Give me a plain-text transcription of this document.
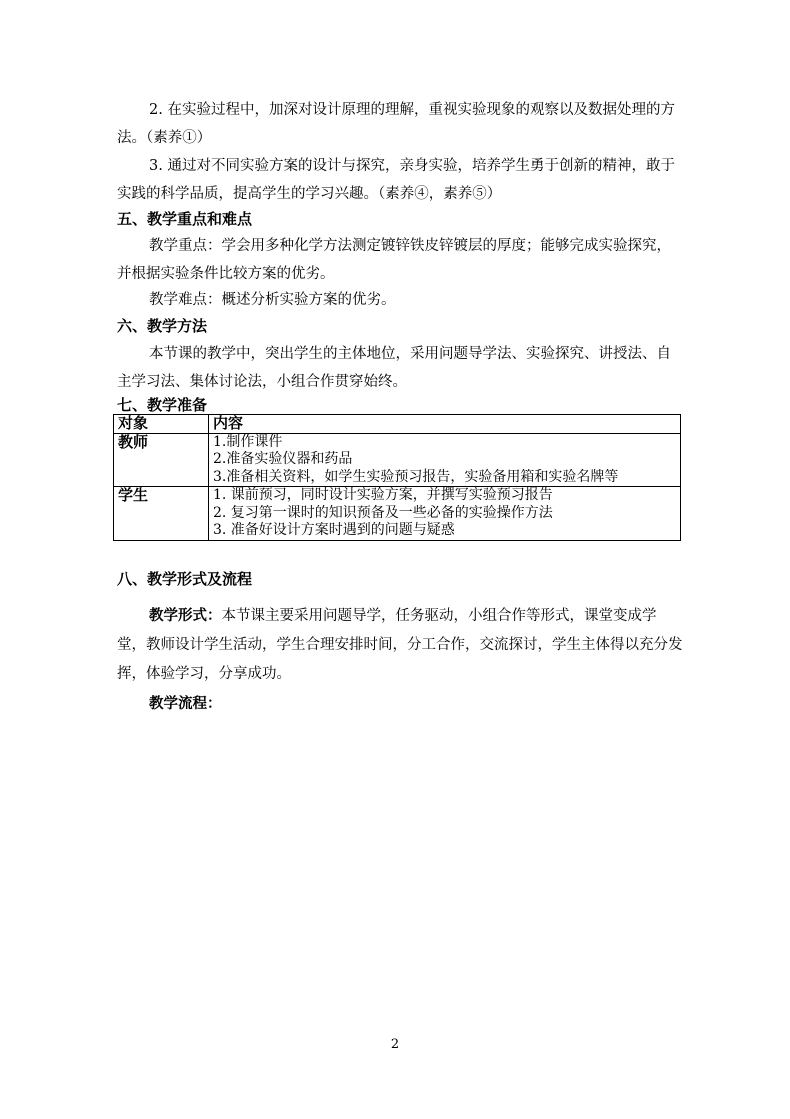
2. 在实验过程中，加深对设计原理的理解，重视实验现象的观察以及数据处理的方法。（素养①）

3. 通过对不同实验方案的设计与探究，亲身实验，培养学生勇于创新的精神，敢于实践的科学品质，提高学生的学习兴趣。（素养④，素养⑤）

五、教学重点和难点

教学重点：学会用多种化学方法测定镀锌铁皮锌镀层的厚度；能够完成实验探究，并根据实验条件比较方案的优劣。

教学难点：概述分析实验方案的优劣。

六、教学方法

本节课的教学中，突出学生的主体地位，采用问题导学法、实验探究、讲授法、自主学习法、集体讨论法，小组合作贯穿始终。

七、教学准备
对象	内容
教师	1.制作课件
2.准备实验仪器和药品
3.准备相关资料，如学生实验预习报告，实验备用箱和实验名牌等

学生	1. 课前预习，同时设计实验方案，并撰写实验预习报告
2. 复习第一课时的知识预备及一些必备的实验操作方法
3. 准备好设计方案时遇到的问题与疑惑
八、教学形式及流程

教学形式：本节课主要采用问题导学，任务驱动，小组合作等形式，课堂变成学堂，教师设计学生活动，学生合理安排时间，分工合作，交流探讨，学生主体得以充分发挥，体验学习，分享成功。

教学流程：

2
